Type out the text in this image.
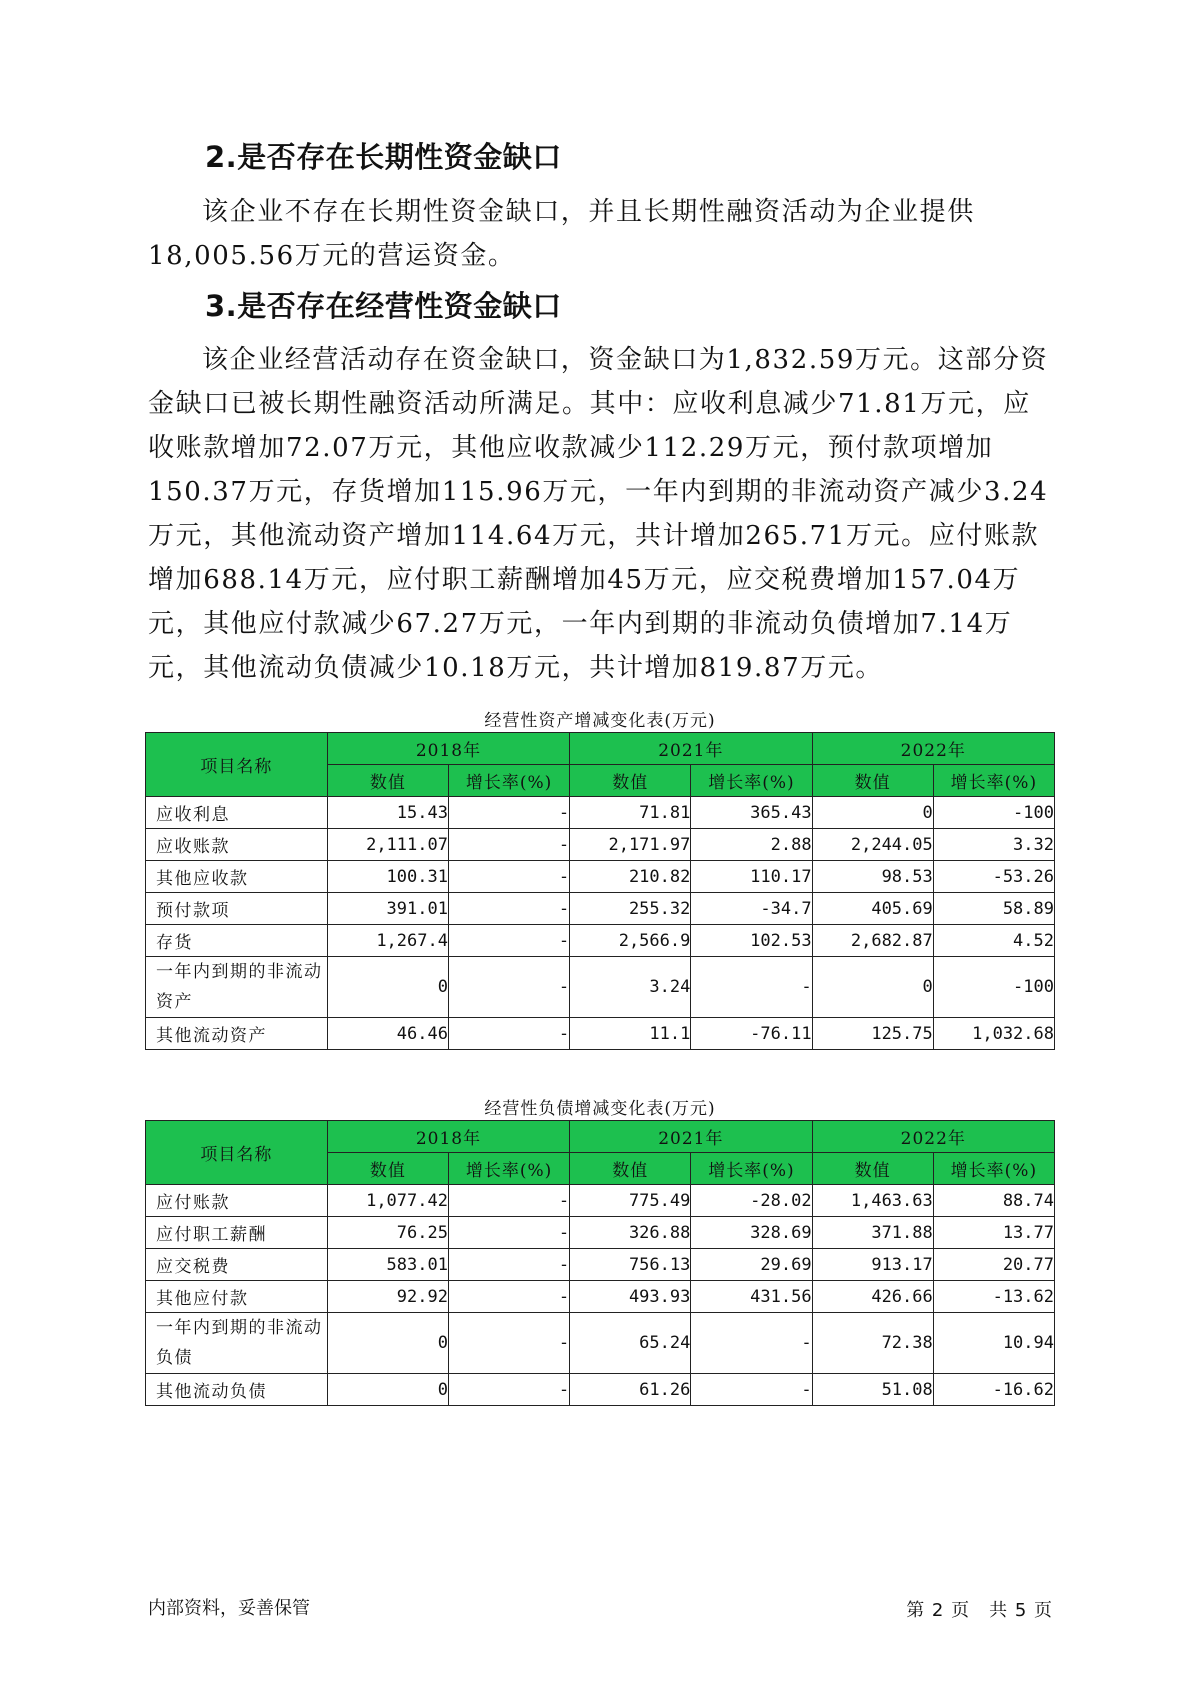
2.是否存在长期性资金缺口
该企业不存在长期性资金缺口，并且长期性融资活动为企业提供18,005.56万元的营运资金。
3.是否存在经营性资金缺口
该企业经营活动存在资金缺口，资金缺口为1,832.59万元。这部分资金缺口已被长期性融资活动所满足。其中：应收利息减少71.81万元，应收账款增加72.07万元，其他应收款减少112.29万元，预付款项增加150.37万元，存货增加115.96万元，一年内到期的非流动资产减少3.24万元，其他流动资产增加114.64万元，共计增加265.71万元。应付账款增加688.14万元，应付职工薪酬增加45万元，应交税费增加157.04万元，其他应付款减少67.27万元，一年内到期的非流动负债增加7.14万元，其他流动负债减少10.18万元，共计增加819.87万元。
经营性资产增减变化表(万元)
项目名称	2018年		2021年		2022年	
	数值	增长率(%)	数值	增长率(%)	数值	增长率(%)
应收利息	15.43	-	71.81	365.43	0	-100
应收账款	2,111.07	-	2,171.97	2.88	2,244.05	3.32
其他应收款	100.31	-	210.82	110.17	98.53	-53.26
预付款项	391.01	-	255.32	-34.7	405.69	58.89
存货	1,267.4	-	2,566.9	102.53	2,682.87	4.52
一年内到期的非流动资产	0	-	3.24	-	0	-100
其他流动资产	46.46	-	11.1	-76.11	125.75	1,032.68
经营性负债增减变化表(万元)
项目名称	2018年		2021年		2022年	
	数值	增长率(%)	数值	增长率(%)	数值	增长率(%)
应付账款	1,077.42	-	775.49	-28.02	1,463.63	88.74
应付职工薪酬	76.25	-	326.88	328.69	371.88	13.77
应交税费	583.01	-	756.13	29.69	913.17	20.77
其他应付款	92.92	-	493.93	431.56	426.66	-13.62
一年内到期的非流动负债	0	-	65.24	-	72.38	10.94
其他流动负债	0	-	61.26	-	51.08	-16.62
内部资料，妥善保管	第 2 页　共 5 页
